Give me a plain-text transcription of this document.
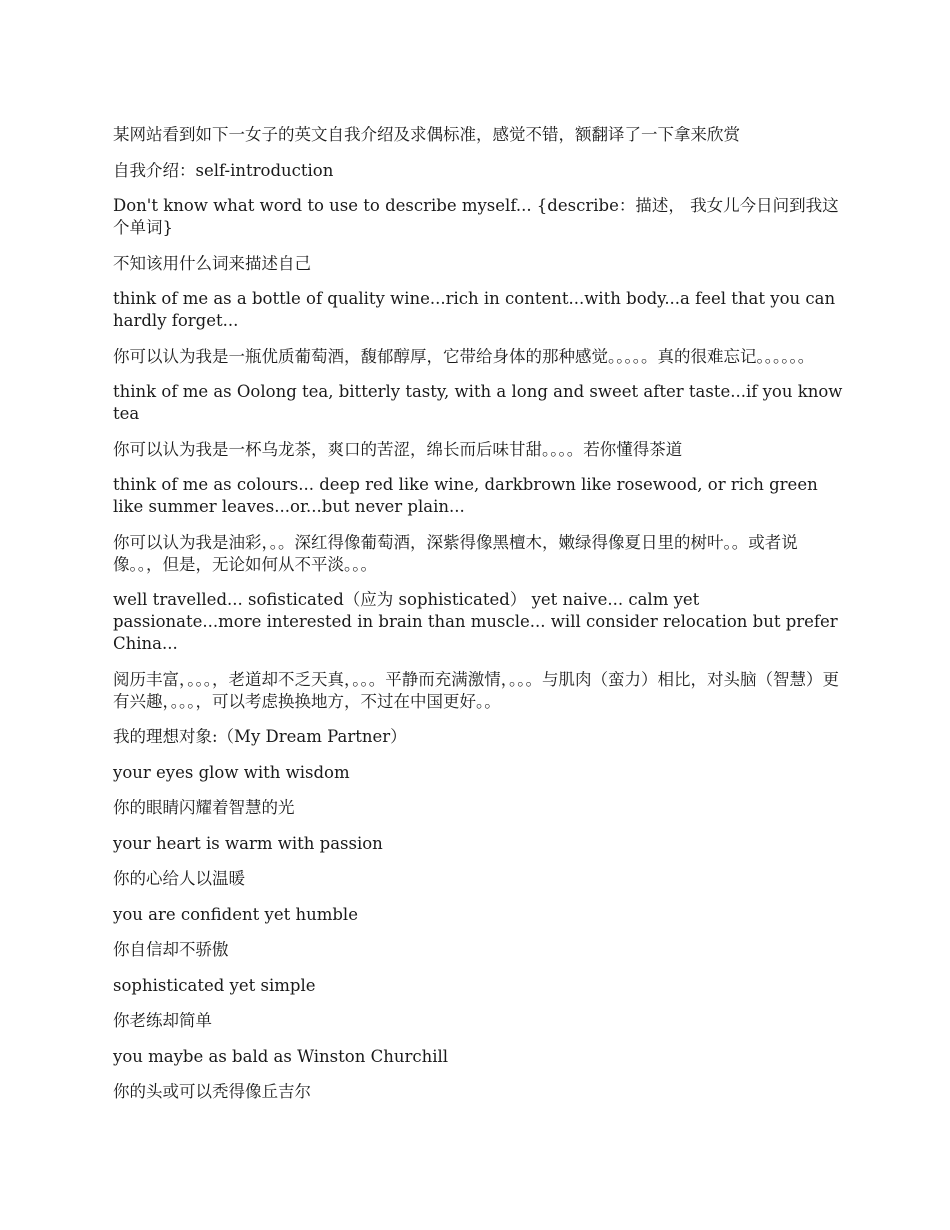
某网站看到如下一女子的英文自我介绍及求偶标准，感觉不错，额翻译了一下拿来欣赏

自我介绍：self-introduction

Don't know what word to use to describe myself... {describe：描述， 我女儿今日问到我这个单词}

不知该用什么词来描述自己

think of me as a bottle of quality wine...rich in content...with body...a feel that you can hardly forget...

你可以认为我是一瓶优质葡萄酒，馥郁醇厚，它带给身体的那种感觉。。。。。真的很难忘记。。。。。。

think of me as Oolong tea, bitterly tasty, with a long and sweet after taste...if you know tea

你可以认为我是一杯乌龙茶，爽口的苦涩，绵长而后味甘甜。。。。若你懂得茶道

think of me as colours... deep red like wine, darkbrown like rosewood, or rich green like summer leaves...or...but never plain...

你可以认为我是油彩，。。深红得像葡萄酒，深紫得像黑檀木，嫩绿得像夏日里的树叶。。或者说像。。，但是，无论如何从不平淡。。。

well travelled... sofisticated（应为 sophisticated） yet naive... calm yet passionate...more interested in brain than muscle... will consider relocation but prefer China...

阅历丰富，。。。，老道却不乏天真，。。。平静而充满激情，。。。与肌肉（蛮力）相比，对头脑（智慧）更有兴趣，。。。，可以考虑换换地方，不过在中国更好。。

我的理想对象:（My Dream Partner）

your eyes glow with wisdom

你的眼睛闪耀着智慧的光

your heart is warm with passion

你的心给人以温暖

you are confident yet humble

你自信却不骄傲

sophisticated yet simple

你老练却简单

you maybe as bald as Winston Churchill

你的头或可以秃得像丘吉尔
